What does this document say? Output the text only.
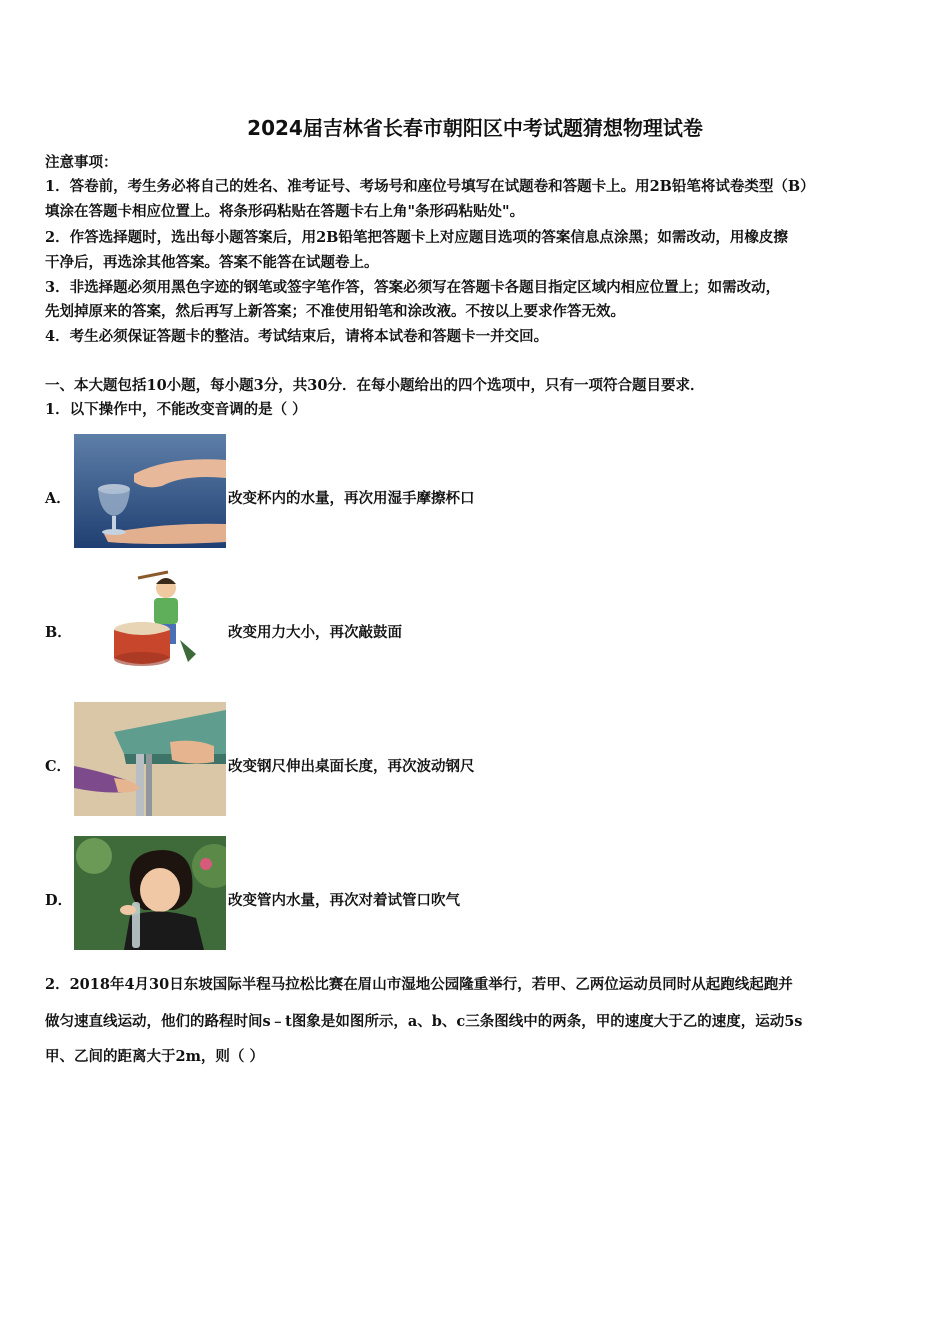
2024届吉林省长春市朝阳区中考试题猜想物理试卷
注意事项：
1．答卷前，考生务必将自己的姓名、准考证号、考场号和座位号填写在试题卷和答题卡上。用2B铅笔将试卷类型（B）
填涂在答题卡相应位置上。将条形码粘贴在答题卡右上角"条形码粘贴处"。
2．作答选择题时，选出每小题答案后，用2B铅笔把答题卡上对应题目选项的答案信息点涂黑；如需改动，用橡皮擦
干净后，再选涂其他答案。答案不能答在试题卷上。
3．非选择题必须用黑色字迹的钢笔或签字笔作答，答案必须写在答题卡各题目指定区域内相应位置上；如需改动，
先划掉原来的答案，然后再写上新答案；不准使用铅笔和涂改液。不按以上要求作答无效。
4．考生必须保证答题卡的整洁。考试结束后，请将本试卷和答题卡一并交回。
一、本大题包括10小题，每小题3分，共30分．在每小题给出的四个选项中，只有一项符合题目要求．
1．以下操作中，不能改变音调的是（ ）
A．	改变杯内的水量，再次用湿手摩擦杯口
B．	改变用力大小，再次敲鼓面
C．	改变钢尺伸出桌面长度，再次波动钢尺
D．	改变管内水量，再次对着试管口吹气
2．2018年4月30日东坡国际半程马拉松比赛在眉山市湿地公园隆重举行，若甲、乙两位运动员同时从起跑线起跑并
做匀速直线运动，他们的路程时间s﹣t图象是如图所示，a、b、c三条图线中的两条，甲的速度大于乙的速度，运动5s
甲、乙间的距离大于2m，则（ ）
